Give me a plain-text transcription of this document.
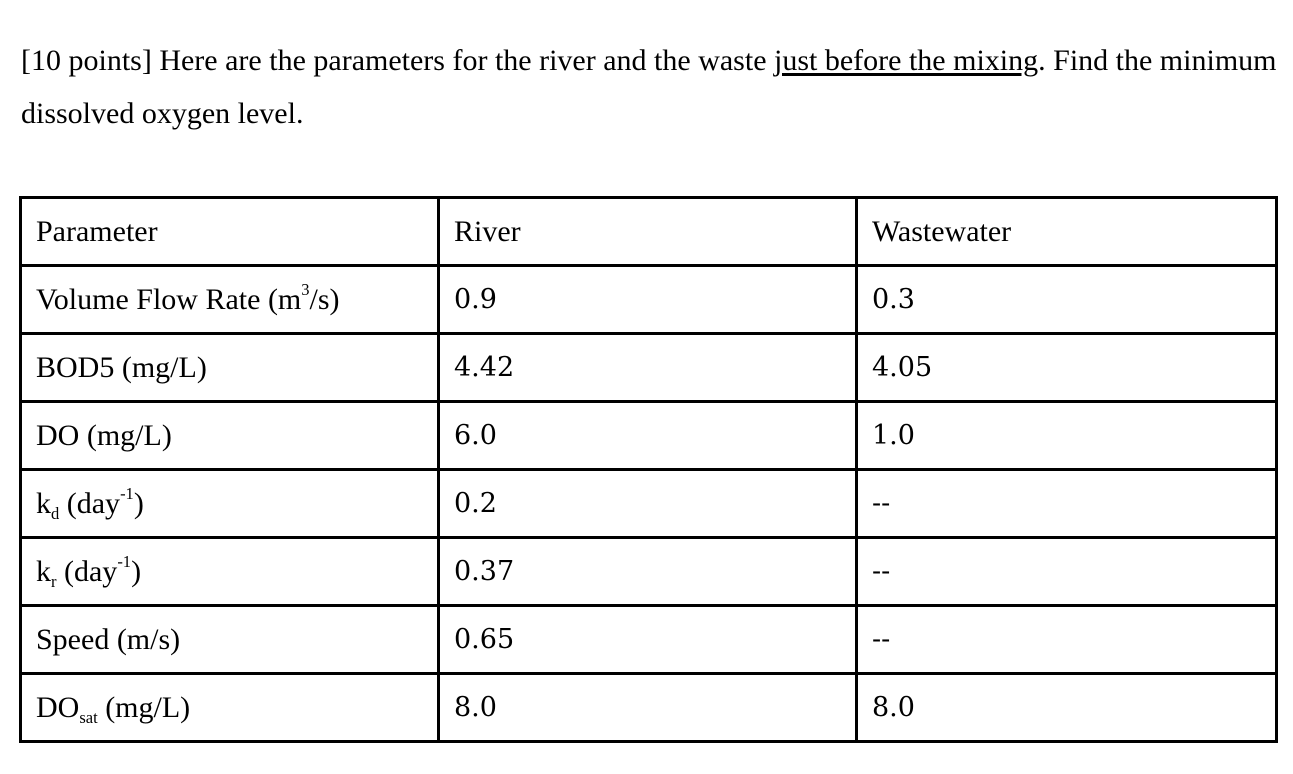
[10 points] Here are the parameters for the river and the waste just before the mixing. Find the minimum dissolved oxygen level.

Parameter	River	Wastewater
Volume Flow Rate $(m^3/s)$	0.9	0.3
BOD5 (mg/L)	4.42	4.05
DO (mg/L)	6.0	1.0
$k_d$ (day$^{-1}$)	0.2	--
$k_r$ (day$^{-1}$)	0.37	--
Speed (m/s)	0.65	--
$DO_{sat}$ (mg/L)	8.0	8.0
